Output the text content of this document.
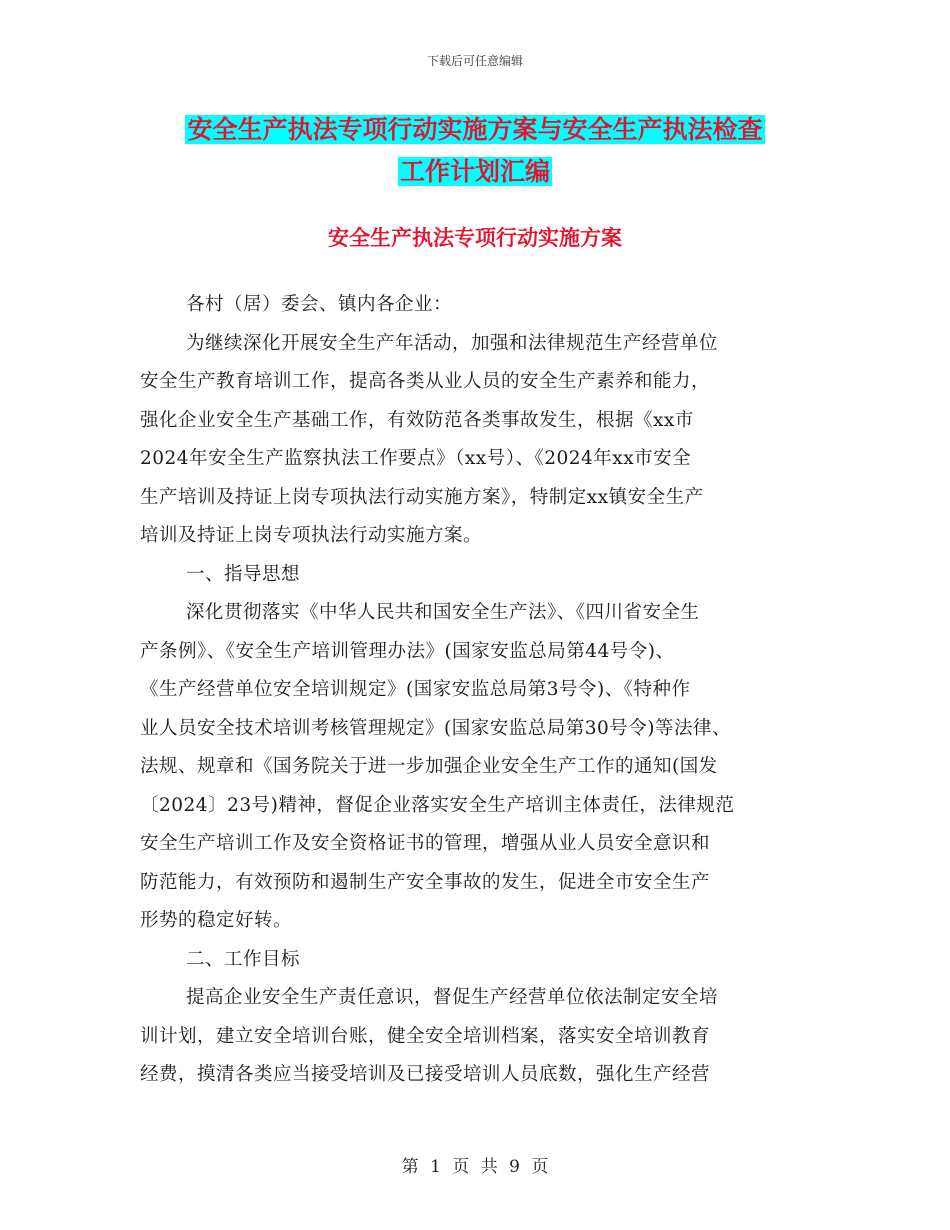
下载后可任意编辑
安全生产执法专项行动实施方案与安全生产执法检查
工作计划汇编
安全生产执法专项行动实施方案
各村（居）委会、镇内各企业：
为继续深化开展安全生产年活动，加强和法律规范生产经营单位
安全生产教育培训工作，提高各类从业人员的安全生产素养和能力，
强化企业安全生产基础工作，有效防范各类事故发生，根据《xx市
2024年安全生产监察执法工作要点》（xx号）、《2024年xx市安全
生产培训及持证上岗专项执法行动实施方案》，特制定xx镇安全生产
培训及持证上岗专项执法行动实施方案。
一、指导思想
深化贯彻落实《中华人民共和国安全生产法》、《四川省安全生
产条例》、《安全生产培训管理办法》(国家安监总局第44号令)、
《生产经营单位安全培训规定》(国家安监总局第3号令)、《特种作
业人员安全技术培训考核管理规定》(国家安监总局第30号令)等法律、
法规、规章和《国务院关于进一步加强企业安全生产工作的通知(国发
〔2024〕23号)精神，督促企业落实安全生产培训主体责任，法律规范
安全生产培训工作及安全资格证书的管理，增强从业人员安全意识和
防范能力，有效预防和遏制生产安全事故的发生，促进全市安全生产
形势的稳定好转。
二、工作目标
提高企业安全生产责任意识，督促生产经营单位依法制定安全培
训计划，建立安全培训台账，健全安全培训档案，落实安全培训教育
经费，摸清各类应当接受培训及已接受培训人员底数，强化生产经营
第 1 页 共 9 页
